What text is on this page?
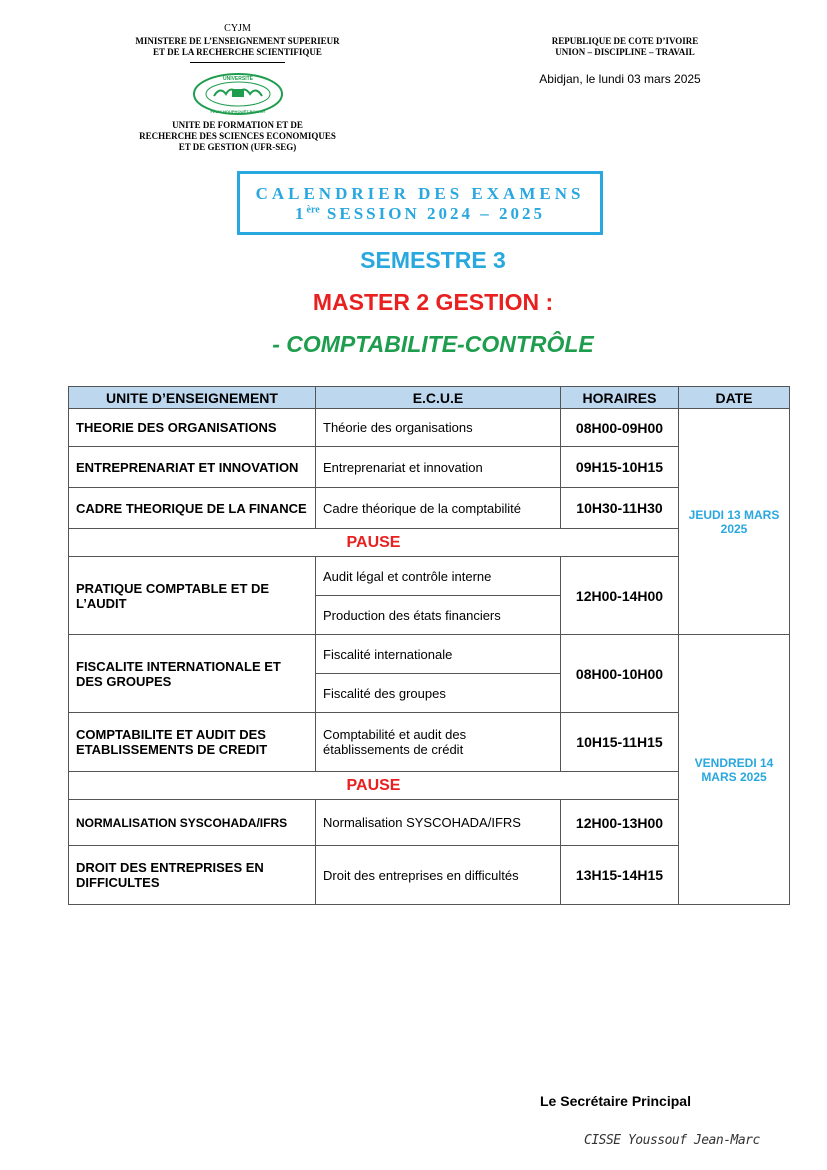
CYJM
MINISTERE DE L’ENSEIGNEMENT SUPERIEUR
ET DE LA RECHERCHE SCIENTIFIQUE
UNIVERSITE
FÉLIX HOUPHOUËT-BOIGNY
UNITE DE FORMATION ET DE
RECHERCHE DES SCIENCES ECONOMIQUES
ET DE GESTION (UFR-SEG)
REPUBLIQUE DE COTE D’IVOIRE
UNION – DISCIPLINE – TRAVAIL
Abidjan, le lundi 03 mars 2025
CALENDRIER DES EXAMENS
1ère SESSION 2024 – 2025
SEMESTRE 3
MASTER 2 GESTION :
- COMPTABILITE-CONTRÔLE
UNITE D’ENSEIGNEMENT	E.C.U.E	HORAIRES	DATE
THEORIE DES ORGANISATIONS	Théorie des organisations	08H00-09H00	JEUDI 13 MARS 2025
ENTREPRENARIAT ET INNOVATION	Entreprenariat et innovation	09H15-10H15	
CADRE THEORIQUE DE LA FINANCE	Cadre théorique de la comptabilité	10H30-11H30	
PAUSE			
PRATIQUE COMPTABLE ET DE L’AUDIT	Audit légal et contrôle interne	12H00-14H00	
	Production des états financiers		

FISCALITE INTERNATIONALE ET DES GROUPES	Fiscalité internationale	08H00-10H00	VENDREDI 14 MARS 2025
	Fiscalité des groupes		
COMPTABILITE ET AUDIT DES ETABLISSEMENTS DE CREDIT	Comptabilité et audit des établissements de crédit	10H15-11H15	
PAUSE			
NORMALISATION SYSCOHADA/IFRS	Normalisation SYSCOHADA/IFRS	12H00-13H00	
DROIT DES ENTREPRISES EN DIFFICULTES	Droit des entreprises en difficultés	13H15-14H15	
Le Secrétaire Principal
CISSE Youssouf Jean-Marc
